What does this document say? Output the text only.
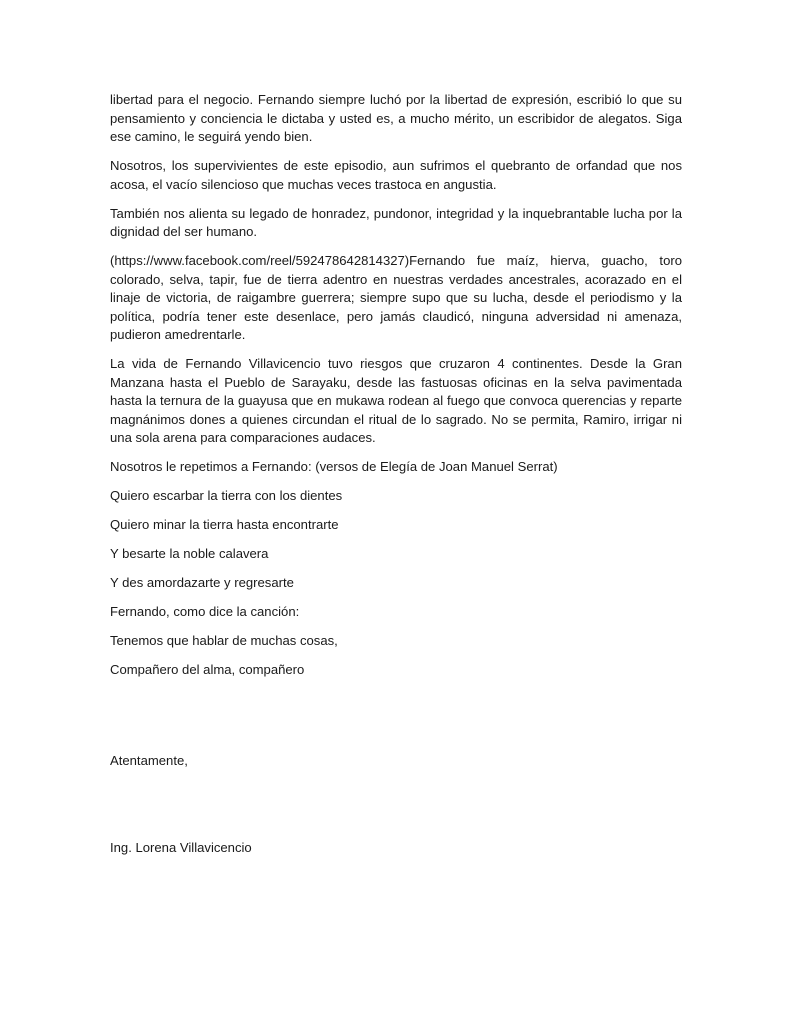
libertad para el negocio. Fernando siempre luchó por la libertad de expresión, escribió lo que su pensamiento y conciencia le dictaba y usted es, a mucho mérito, un escribidor de alegatos. Siga ese camino, le seguirá yendo bien.

Nosotros, los supervivientes de este episodio, aun sufrimos el quebranto de orfandad que nos acosa, el vacío silencioso que muchas veces trastoca en angustia.

También nos alienta su legado de honradez, pundonor, integridad y la inquebrantable lucha por la dignidad del ser humano.

(https://www.facebook.com/reel/592478642814327)Fernando fue maíz, hierva, guacho, toro colorado, selva, tapir, fue de tierra adentro en nuestras verdades ancestrales, acorazado en el linaje de victoria, de raigambre guerrera; siempre supo que su lucha, desde el periodismo y la política, podría tener este desenlace, pero jamás claudicó, ninguna adversidad ni amenaza, pudieron amedrentarle.

La vida de Fernando Villavicencio tuvo riesgos que cruzaron 4 continentes. Desde la Gran Manzana hasta el Pueblo de Sarayaku, desde las fastuosas oficinas en la selva pavimentada hasta la ternura de la guayusa que en mukawa rodean al fuego que convoca querencias y reparte magnánimos dones a quienes circundan el ritual de lo sagrado. No se permita, Ramiro, irrigar ni una sola arena para comparaciones audaces.

Nosotros le repetimos a Fernando: (versos de Elegía de Joan Manuel Serrat)

Quiero escarbar la tierra con los dientes

Quiero minar la tierra hasta encontrarte

Y besarte la noble calavera

Y des amordazarte y regresarte

Fernando, como dice la canción:

Tenemos que hablar de muchas cosas,

Compañero del alma, compañero

Atentamente,

Ing. Lorena Villavicencio
